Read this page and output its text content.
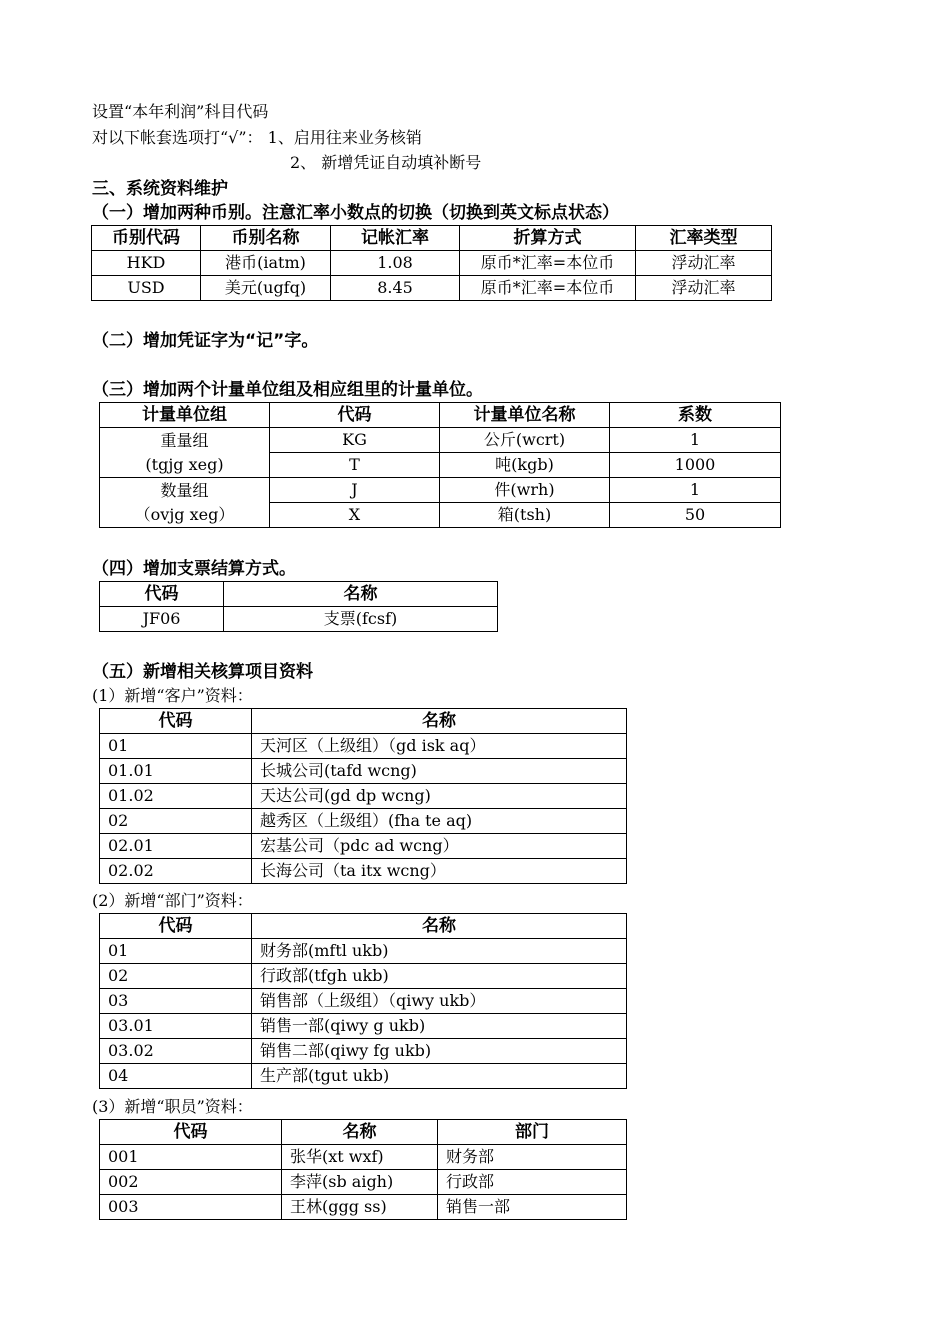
设置“本年利润”科目代码
对以下帐套选项打“√”： 1、启用往来业务核销
2、 新增凭证自动填补断号
三、系统资料维护
（一）增加两种币别。注意汇率小数点的切换（切换到英文标点状态）
币别代码	币别名称	记帐汇率	折算方式	汇率类型
HKD	港币(iatm)	1.08	原币*汇率=本位币	浮动汇率
USD	美元(ugfq)	8.45	原币*汇率=本位币	浮动汇率
（二）增加凭证字为“记”字。
（三）增加两个计量单位组及相应组里的计量单位。
计量单位组	代码	计量单位名称	系数

重量组
(tgjg xeg)	KG	公斤(wcrt)	1
	T	吨(kgb)	1000

数量组
（ovjg xeg）	J	件(wrh)	1
	X	箱(tsh)	50
（四）增加支票结算方式。
代码	名称
JF06	支票(fcsf)
（五）新增相关核算项目资料
(1）新增“客户”资料：
代码	名称
01	天河区（上级组）（gd isk aq）
01.01	长城公司(tafd wcng)
01.02	天达公司(gd dp wcng)
02	越秀区（上级组）(fha te aq)
02.01	宏基公司（pdc ad wcng）
02.02	长海公司（ta itx wcng）
(2）新增“部门”资料：
代码	名称
01	财务部(mftl ukb)
02	行政部(tfgh ukb)
03	销售部（上级组）（qiwy ukb）
03.01	销售一部(qiwy g ukb)
03.02	销售二部(qiwy fg ukb)
04	生产部(tgut ukb)
(3）新增“职员”资料：
代码	名称	部门
001	张华(xt wxf)	财务部
002	李萍(sb aigh)	行政部
003	王林(ggg ss)	销售一部
